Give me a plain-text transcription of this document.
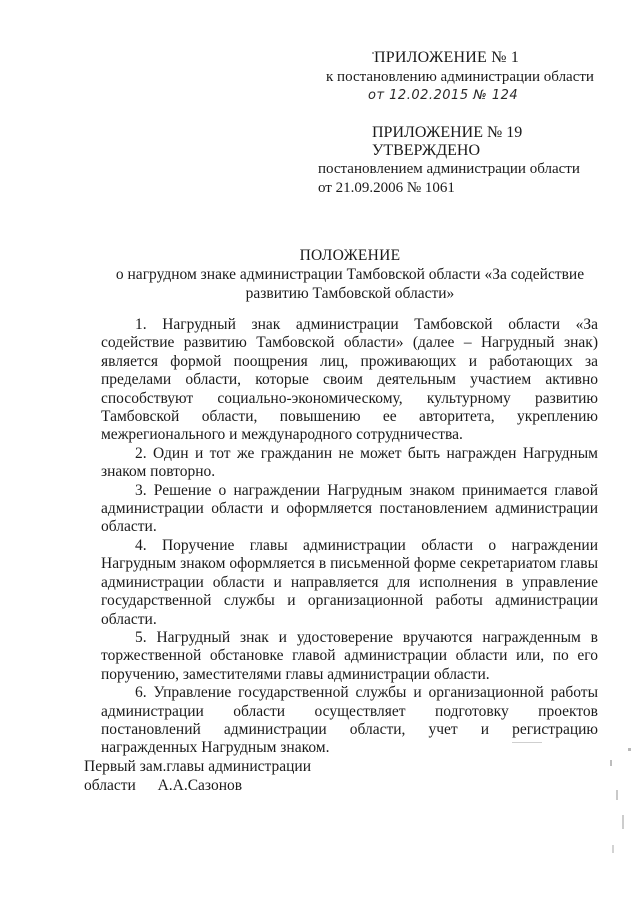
ПРИЛОЖЕНИЕ № 1
к постановлению администрации области
от 12.02.2015 № 124
ПРИЛОЖЕНИЕ № 19
УТВЕРЖДЕНО
постановлением администрации области
от 21.09.2006 № 1061
ПОЛОЖЕНИЕ
о нагрудном знаке администрации Тамбовской области «За содействие
развитию Тамбовской области»

1. Нагрудный знак администрации Тамбовской области «За содействие развитию Тамбовской области» (далее – Нагрудный знак) является формой поощрения лиц, проживающих и работающих за пределами области, которые своим деятельным участием активно способствуют социально-экономическому, культурному развитию Тамбовской области, повышению ее авторитета, укреплению межрегионального и международного сотрудничества.

2. Один и тот же гражданин не может быть награжден Нагрудным знаком повторно.

3. Решение о награждении Нагрудным знаком принимается главой администрации области и оформляется постановлением администрации области.

4. Поручение главы администрации области о награждении Нагрудным знаком оформляется в письменной форме секретариатом главы администрации области и направляется для исполнения в управление государственной службы и организационной работы администрации области.

5. Нагрудный знак и удостоверение вручаются награжденным в торжественной обстановке главой администрации области или, по его поручению, заместителями главы администрации области.

6. Управление государственной службы и организационной работы администрации области осуществляет подготовку проектов постановлений администрации области, учет и регистрацию награжденных Нагрудным знаком.

Первый зам.главы администрации
области А.А.Сазонов
